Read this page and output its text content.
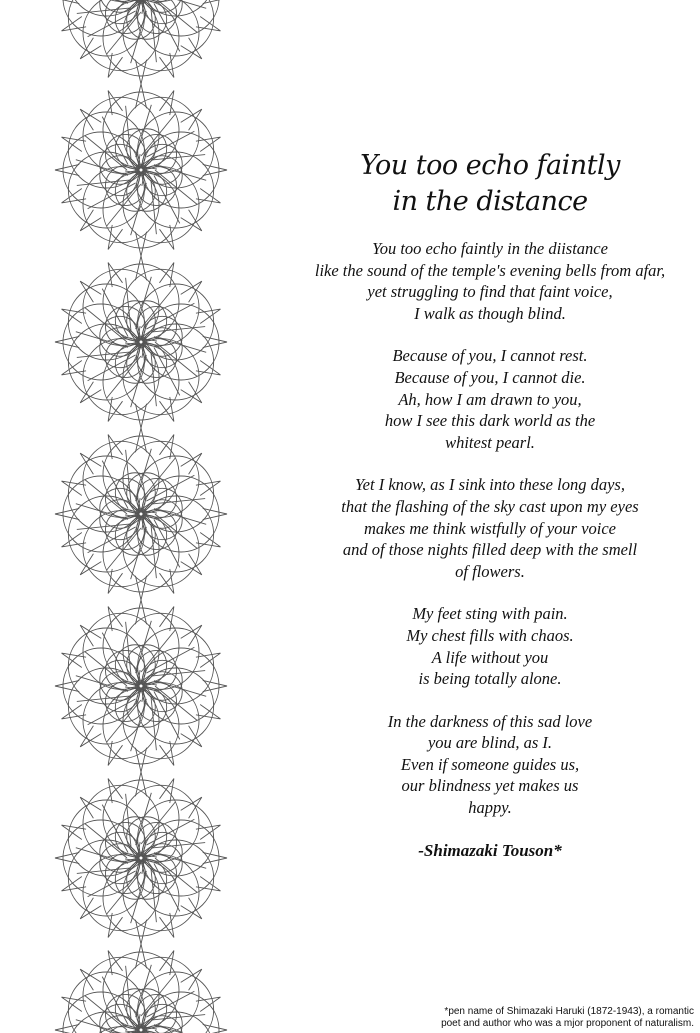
You too echo faintly
in the distance
You too echo faintly in the diistance
like the sound of the temple's evening bells from afar,
yet struggling to find that faint voice,
I walk as though blind.
Because of you, I cannot rest.
Because of you, I cannot die.
Ah, how I am drawn to you,
how I see this dark world as the
whitest pearl.
Yet I know, as I sink into these long days,
that the flashing of the sky cast upon my eyes
makes me think wistfully of your voice
and of those nights filled deep with the smell
of flowers.
My feet sting with pain.
My chest fills with chaos.
A life without you
is being totally alone.
In the darkness of this sad love
you are blind, as I.
Even if someone guides us,
our blindness yet makes us
happy.
-Shimazaki Touson*
*pen name of Shimazaki Haruki (1872-1943), a romantic
poet and author who was a mjor proponent of naturalism.
